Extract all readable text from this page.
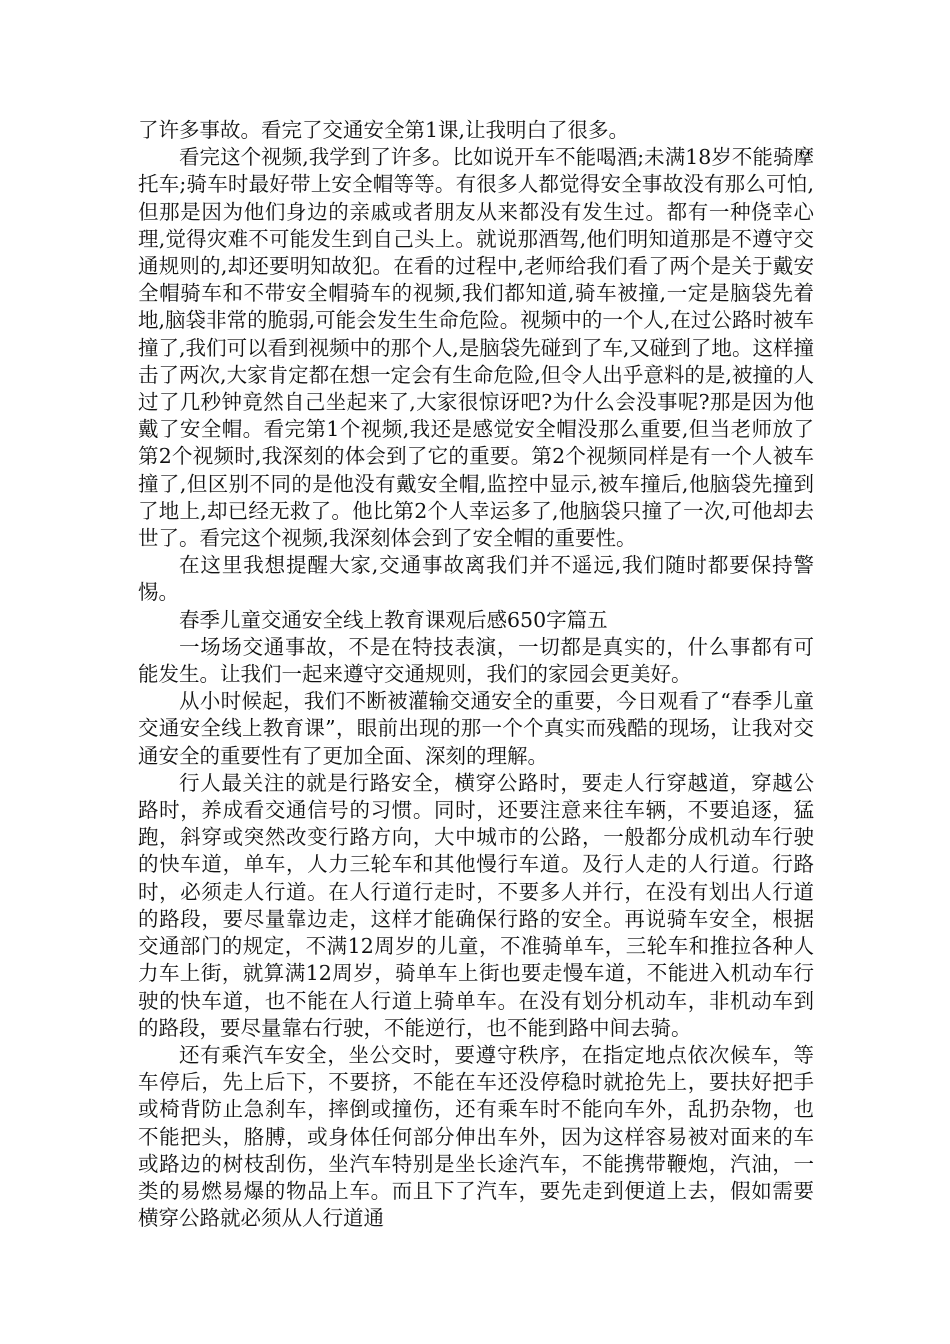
了许多事故。看完了交通安全第1课,让我明白了很多。

看完这个视频,我学到了许多。比如说开车不能喝酒;未满18岁不能骑摩托车;骑车时最好带上安全帽等等。有很多人都觉得安全事故没有那么可怕,但那是因为他们身边的亲戚或者朋友从来都没有发生过。都有一种侥幸心理,觉得灾难不可能发生到自己头上。就说那酒驾,他们明知道那是不遵守交通规则的,却还要明知故犯。在看的过程中,老师给我们看了两个是关于戴安全帽骑车和不带安全帽骑车的视频,我们都知道,骑车被撞,一定是脑袋先着地,脑袋非常的脆弱,可能会发生生命危险。视频中的一个人,在过公路时被车撞了,我们可以看到视频中的那个人,是脑袋先碰到了车,又碰到了地。这样撞击了两次,大家肯定都在想一定会有生命危险,但令人出乎意料的是,被撞的人过了几秒钟竟然自己坐起来了,大家很惊讶吧?为什么会没事呢?那是因为他戴了安全帽。看完第1个视频,我还是感觉安全帽没那么重要,但当老师放了第2个视频时,我深刻的体会到了它的重要。第2个视频同样是有一个人被车撞了,但区别不同的是他没有戴安全帽,监控中显示,被车撞后,他脑袋先撞到了地上,却已经无救了。他比第2个人幸运多了,他脑袋只撞了一次,可他却去世了。看完这个视频,我深刻体会到了安全帽的重要性。

在这里我想提醒大家,交通事故离我们并不遥远,我们随时都要保持警惕。

春季儿童交通安全线上教育课观后感650字篇五

一场场交通事故，不是在特技表演，一切都是真实的，什么事都有可能发生。让我们一起来遵守交通规则，我们的家园会更美好。

从小时候起，我们不断被灌输交通安全的重要，今日观看了“春季儿童交通安全线上教育课”，眼前出现的那一个个真实而残酷的现场，让我对交通安全的重要性有了更加全面、深刻的理解。

行人最关注的就是行路安全，横穿公路时，要走人行穿越道，穿越公路时，养成看交通信号的习惯。同时，还要注意来往车辆，不要追逐，猛跑，斜穿或突然改变行路方向，大中城市的公路，一般都分成机动车行驶的快车道，单车，人力三轮车和其他慢行车道。及行人走的人行道。行路时，必须走人行道。在人行道行走时，不要多人并行，在没有划出人行道的路段，要尽量靠边走，这样才能确保行路的安全。再说骑车安全，根据交通部门的规定，不满12周岁的儿童，不准骑单车，三轮车和推拉各种人力车上街，就算满12周岁，骑单车上街也要走慢车道，不能进入机动车行驶的快车道，也不能在人行道上骑单车。在没有划分机动车，非机动车到的路段，要尽量靠右行驶，不能逆行，也不能到路中间去骑。

还有乘汽车安全，坐公交时，要遵守秩序，在指定地点依次候车，等车停后，先上后下，不要挤，不能在车还没停稳时就抢先上，要扶好把手或椅背防止急刹车，摔倒或撞伤，还有乘车时不能向车外，乱扔杂物，也不能把头，胳膊，或身体任何部分伸出车外，因为这样容易被对面来的车或路边的树枝刮伤，坐汽车特别是坐长途汽车，不能携带鞭炮，汽油，一类的易燃易爆的物品上车。而且下了汽车，要先走到便道上去，假如需要横穿公路就必须从人行道通
